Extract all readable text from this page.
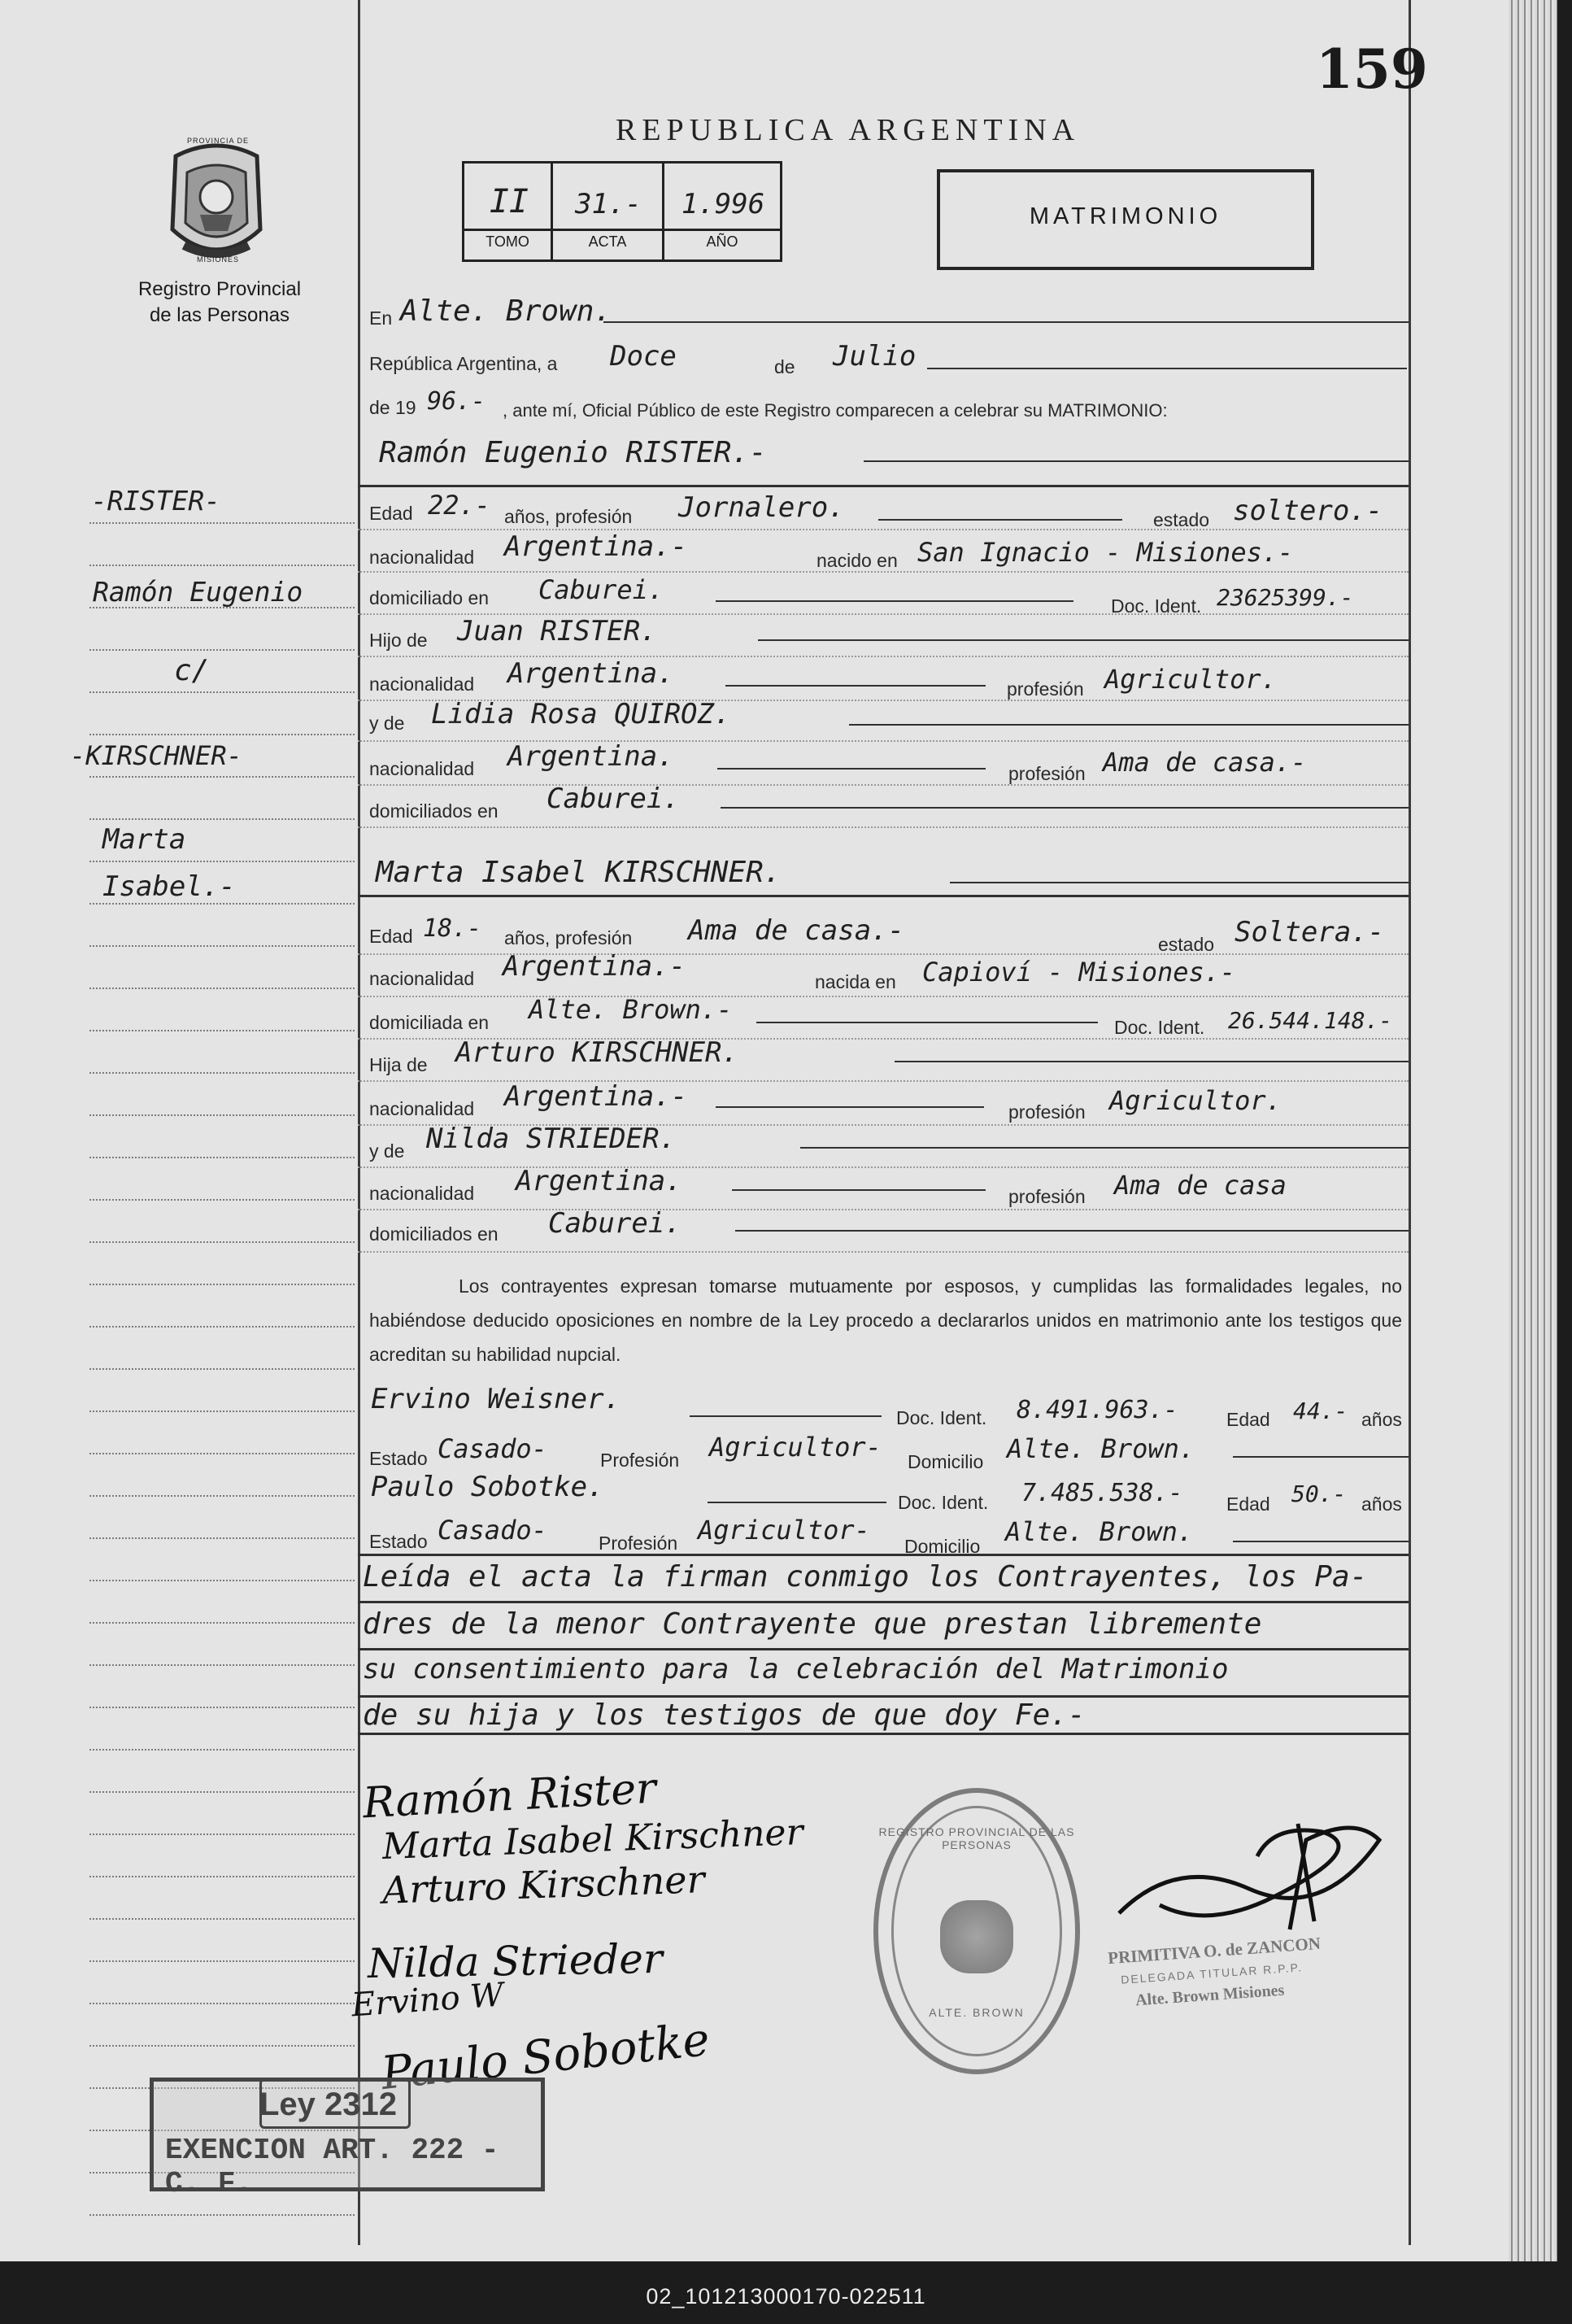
02_101213000170-022511
159
REPUBLICA ARGENTINA
MATRIMONIO
II	31.-	1.996
TOMO	ACTA	AÑO
PROVINCIA DE
MISIONES
Registro Provincial
de las Personas
-RISTER-
Ramón Eugenio
c/
-KIRSCHNER-
Marta
Isabel.-
En Alte. Brown.
República Argentina, a Doce	de Julio
de 19 96.- , ante mí, Oficial Público de este Registro comparecen a celebrar su MATRIMONIO:
Ramón Eugenio RISTER.-
Edad 22.- años, profesión Jornalero.	estado soltero.-
nacionalidad Argentina.-	nacido en San Ignacio - Misiones.-
domiciliado en Caburei.
Doc. Ident. 23625399.-
Hijo de Juan RISTER.
nacionalidad Argentina.	profesión Agricultor.
y de Lidia Rosa QUIROZ.
nacionalidad Argentina.
profesión Ama de casa.-
domiciliados en Caburei.
Marta Isabel KIRSCHNER.
Edad 18.- años, profesión Ama de casa.-	estado Soltera.-
nacionalidad Argentina.-	nacida en Capioví - Misiones.-
domiciliada en Alte. Brown.-
Doc. Ident. 26.544.148.-
Hija de Arturo KIRSCHNER.
nacionalidad Argentina.-	profesión Agricultor.
y de Nilda STRIEDER.
nacionalidad Argentina.	profesión Ama de casa
domiciliados en Caburei.
Los contrayentes expresan tomarse mutuamente por esposos, y cumplidas las formalidades legales, no habiéndose deducido oposiciones en nombre de la Ley procedo a declararlos unidos en matrimonio ante los testigos que acreditan su habilidad nupcial.
Ervino Weisner.
Doc. Ident. 8.491.963.-	Edad 44.- años
Estado Casado-	Profesión Agricultor- Domicilio Alte. Brown.
Paulo Sobotke.	Doc. Ident. 7.485.538.- Edad 50.- años
Estado Casado-	Profesión Agricultor-
Domicilio Alte. Brown.
Leída el acta la firman conmigo los Contrayentes, los Pa-
dres de la menor Contrayente que prestan libremente
su consentimiento para la celebración del Matrimonio
de su hija y los testigos de que doy Fe.-
Ramón Rister
Marta Isabel Kirschner
Arturo Kirschner
Nilda Strieder
Ervino W
Paulo Sobotke
REGISTRO PROVINCIAL DE LAS PERSONAS
ALTE. BROWN
PRIMITIVA O. de ZANCON
DELEGADA TITULAR R.P.P.
Alte. Brown Misiones
Ley 2312
EXENCION ART. 222 - C. F.
